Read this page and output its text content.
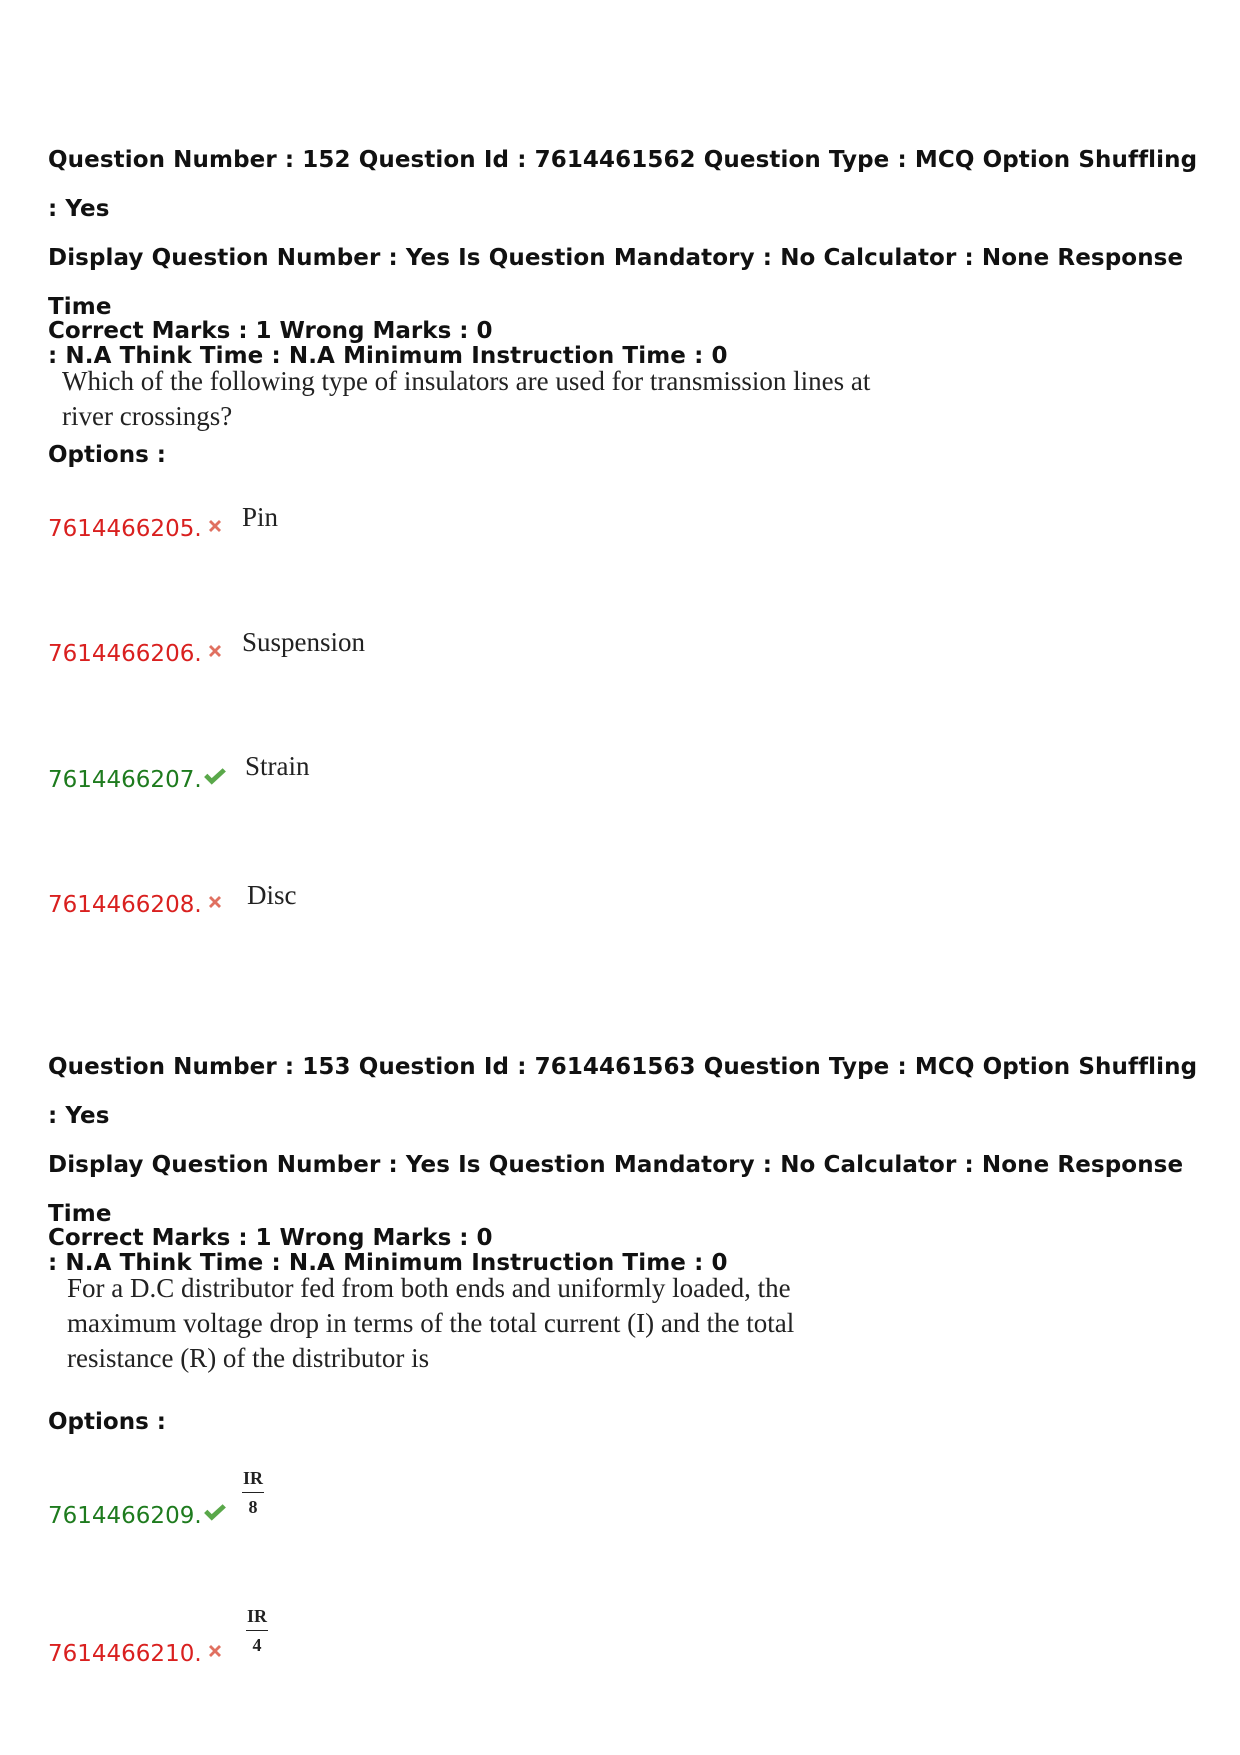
Question Number : 152 Question Id : 7614461562 Question Type : MCQ Option Shuffling : Yes

Display Question Number : Yes Is Question Mandatory : No Calculator : None Response Time

: N.A Think Time : N.A Minimum Instruction Time : 0

Correct Marks : 1 Wrong Marks : 0

Which of the following type of insulators are used for transmission lines at
river crossings?
Options :
7614466205. Pin
7614466206. Suspension
7614466207. Strain
7614466208. Disc

Question Number : 153 Question Id : 7614461563 Question Type : MCQ Option Shuffling : Yes

Display Question Number : Yes Is Question Mandatory : No Calculator : None Response Time

: N.A Think Time : N.A Minimum Instruction Time : 0

Correct Marks : 1 Wrong Marks : 0

For a D.C distributor fed from both ends and uniformly loaded, the
maximum voltage drop in terms of the total current (I) and the total
resistance (R) of the distributor is
Options :
7614466209.
IR
8
7614466210.
IR
4
